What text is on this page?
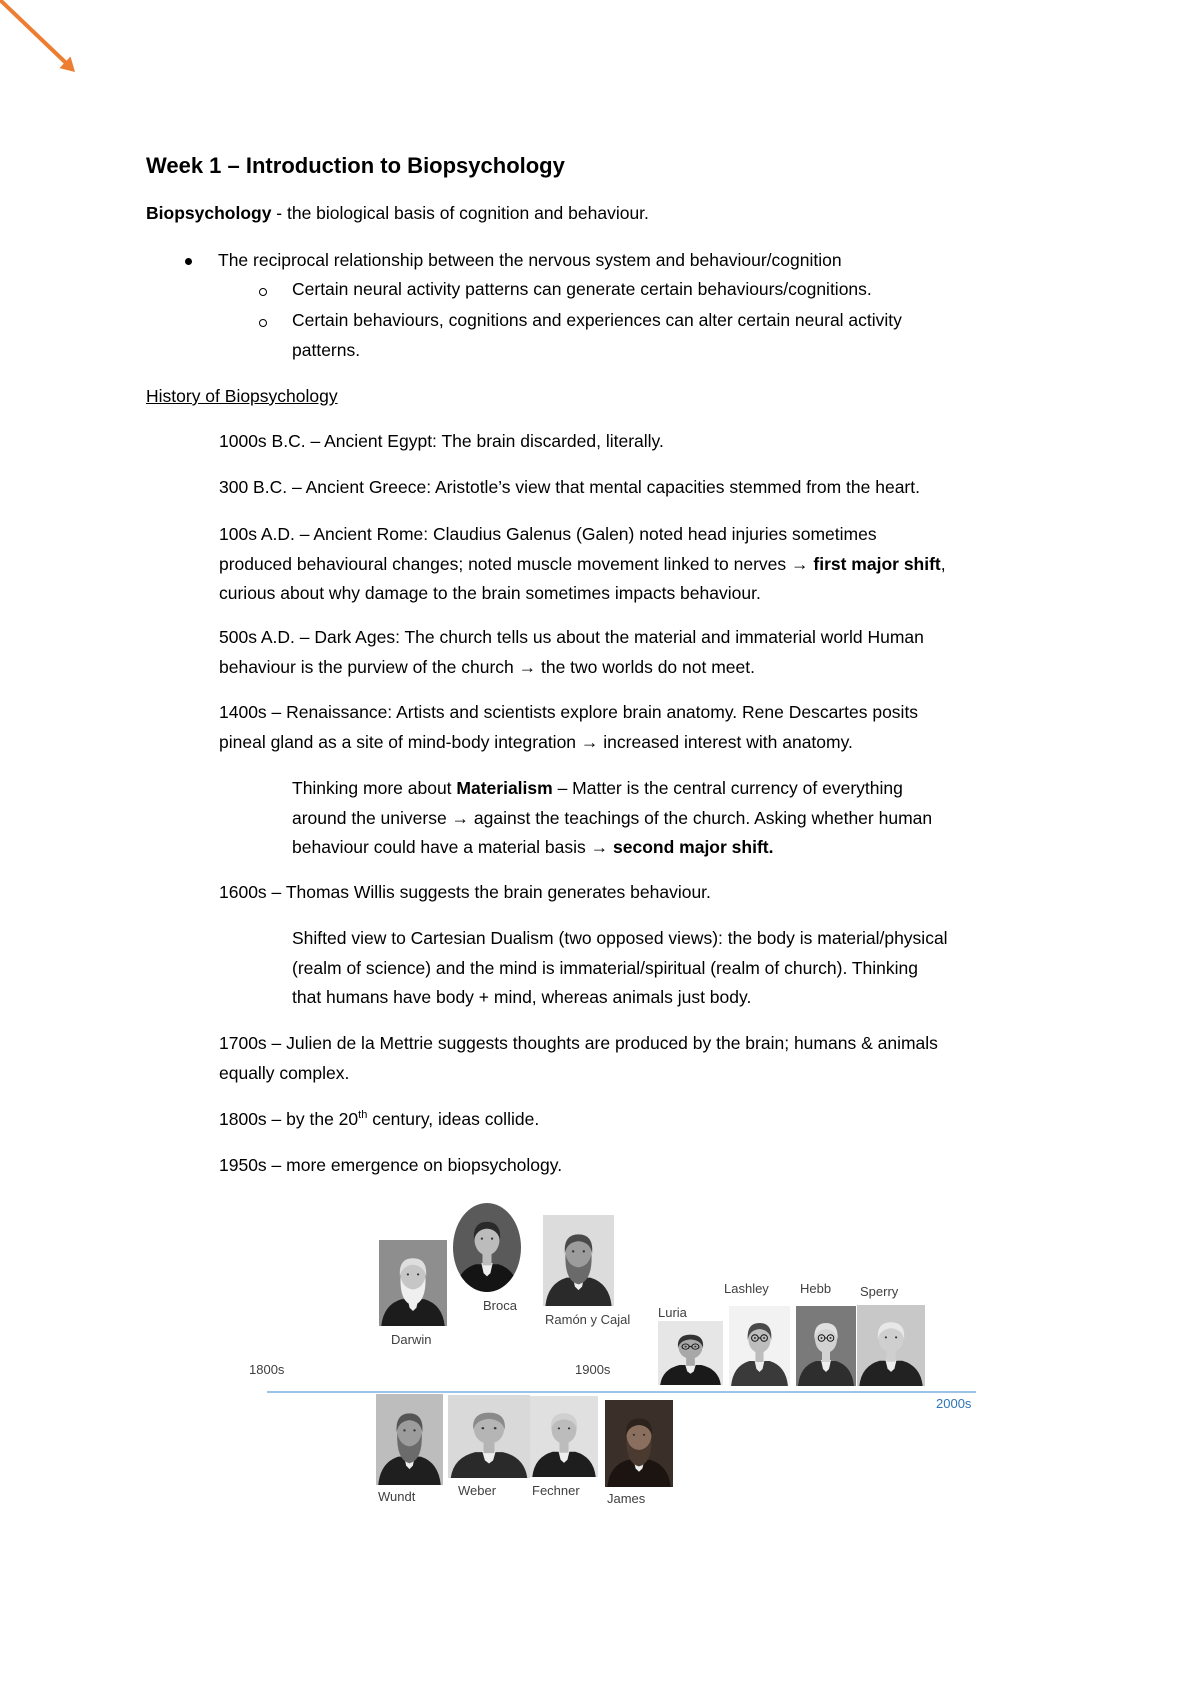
Week 1 – Introduction to Biopsychology
Biopsychology - the biological basis of cognition and behaviour.
The reciprocal relationship between the nervous system and behaviour/cognition
Certain neural activity patterns can generate certain behaviours/cognitions.
Certain behaviours, cognitions and experiences can alter certain neural activity
patterns.
History of Biopsychology
1000s B.C. – Ancient Egypt: The brain discarded, literally.
300 B.C. – Ancient Greece: Aristotle’s view that mental capacities stemmed from the heart.
100s A.D. – Ancient Rome: Claudius Galenus (Galen) noted head injuries sometimes
produced behavioural changes; noted muscle movement linked to nerves → first major shift,
curious about why damage to the brain sometimes impacts behaviour.
500s A.D. – Dark Ages: The church tells us about the material and immaterial world Human
behaviour is the purview of the church → the two worlds do not meet.
1400s – Renaissance: Artists and scientists explore brain anatomy. Rene Descartes posits
pineal gland as a site of mind-body integration → increased interest with anatomy.
Thinking more about Materialism – Matter is the central currency of everything
around the universe → against the teachings of the church. Asking whether human
behaviour could have a material basis → second major shift.
1600s – Thomas Willis suggests the brain generates behaviour.
Shifted view to Cartesian Dualism (two opposed views): the body is material/physical
(realm of science) and the mind is immaterial/spiritual (realm of church). Thinking
that humans have body + mind, whereas animals just body.
1700s – Julien de la Mettrie suggests thoughts are produced by the brain; humans & animals
equally complex.
1800s – by the 20th century, ideas collide.
1950s – more emergence on biopsychology.
Darwin
Broca
Ramón y Cajal Luria
Lashley Hebb Sperry
1800s	1900s
2000s
Wundt	Weber	Fechner
James
